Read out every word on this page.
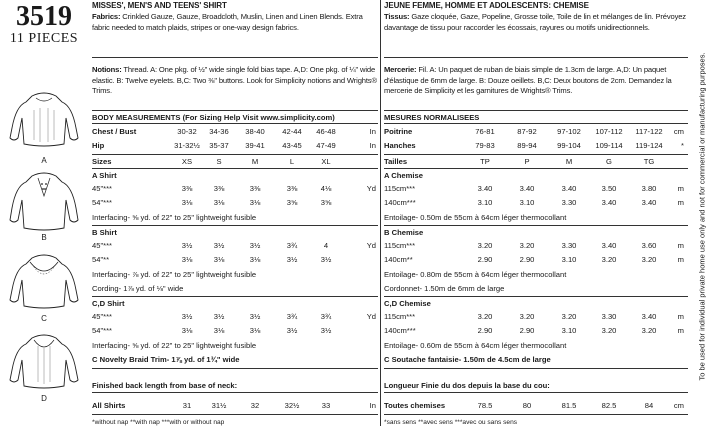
3519
11 PIECES
A
B
C
D
MISSES', MEN'S AND TEENS' SHIRT
Fabrics: Crinkled Gauze, Gauze, Broadcloth, Muslin, Linen and Linen Blends. Extra fabric needed to match plaids, stripes or one-way design fabrics.
Notions: Thread. A: One pkg. of ½" wide single fold bias tape. A,D: One pkg. of ¼" wide elastic. B: Twelve eyelets. B,C: Two ⅜" buttons. Look for Simplicity notions and Wrights® Trims.
BODY MEASUREMENTS (For Sizing Help Visit www.simplicity.com)
Chest / Bust	30-32	34-36	38-40	42-44	46-48	In
Hip	31-32½	35-37	39-41	43-45	47-49	In
Sizes	XS	S	M	L	XL
A Shirt
45"***	3⅜	3⅜	3⅜	3⅜	4⅛	Yd
54"***	3⅛	3⅛	3⅛	3⅝	3⅝
Interfacing- ⅝ yd. of 22" to 25" lightweight fusible
B Shirt
45"***	3½	3½	3½	3¾	4	Yd
54"**	3⅛	3⅛	3⅛	3½	3½
Interfacing- ⅞ yd. of 22" to 25" lightweight fusible
Cording- 1⅞ yd. of ⅛" wide
C,D Shirt
45"***	3½	3½	3½	3¾	3¾	Yd
54"***	3⅛	3⅛	3⅛	3½	3½
Interfacing- ⅝ yd. of 22" to 25" lightweight fusible
C Novelty Braid Trim- 1⅞ yd. of 1¾" wide
Finished back length from base of neck:
All Shirts	31	31½	32	32½	33	In
*without nap **with nap ***with or without nap
JEUNE FEMME, HOMME ET ADOLESCENTS: CHEMISE
Tissus: Gaze cloquée, Gaze, Popeline, Grosse toile, Toile de lin et mélanges de lin. Prévoyez davantage de tissu pour raccorder les écossais, rayures ou motifs unidirectionnels.
Mercerie: Fil. A: Un paquet de ruban de biais simple de 1.3cm de large. A,D: Un paquet d'élastique de 6mm de large. B: Douze oeillets. B,C: Deux boutons de 2cm. Demandez la mercerie de Simplicity et les garnitures de Wrights® Trims.
MESURES NORMALISEES
Poitrine	76-81	87-92	97-102	107-112	117-122	cm
Hanches	79-83	89-94	99-104	109-114	119-124	*
Tailles	TP	P	M	G	TG
A Chemise
115cm***	3.40	3.40	3.40	3.50	3.80	m
140cm***	3.10	3.10	3.30	3.40	3.40	m
Entoilage- 0.50m de 55cm à 64cm léger thermocollant
B Chemise
115cm***	3.20	3.20	3.30	3.40	3.60	m
140cm**	2.90	2.90	3.10	3.20	3.20	m
Entoilage- 0.80m de 55cm à 64cm léger thermocollant
Cordonnet- 1.50m de 6mm de large
C,D Chemise
115cm***	3.20	3.20	3.20	3.30	3.40	m
140cm***	2.90	2.90	3.10	3.20	3.20	m
Entoilage- 0.60m de 55cm à 64cm léger thermocollant
C Soutache fantaisie- 1.50m de 4.5cm de large
Longueur Finie du dos depuis la base du cou:
Toutes chemises	78.5	80	81.5	82.5	84	cm
*sans sens **avec sens ***avec ou sans sens
To be used for individual private home use only and not for commercial or manufacturing purposes.
